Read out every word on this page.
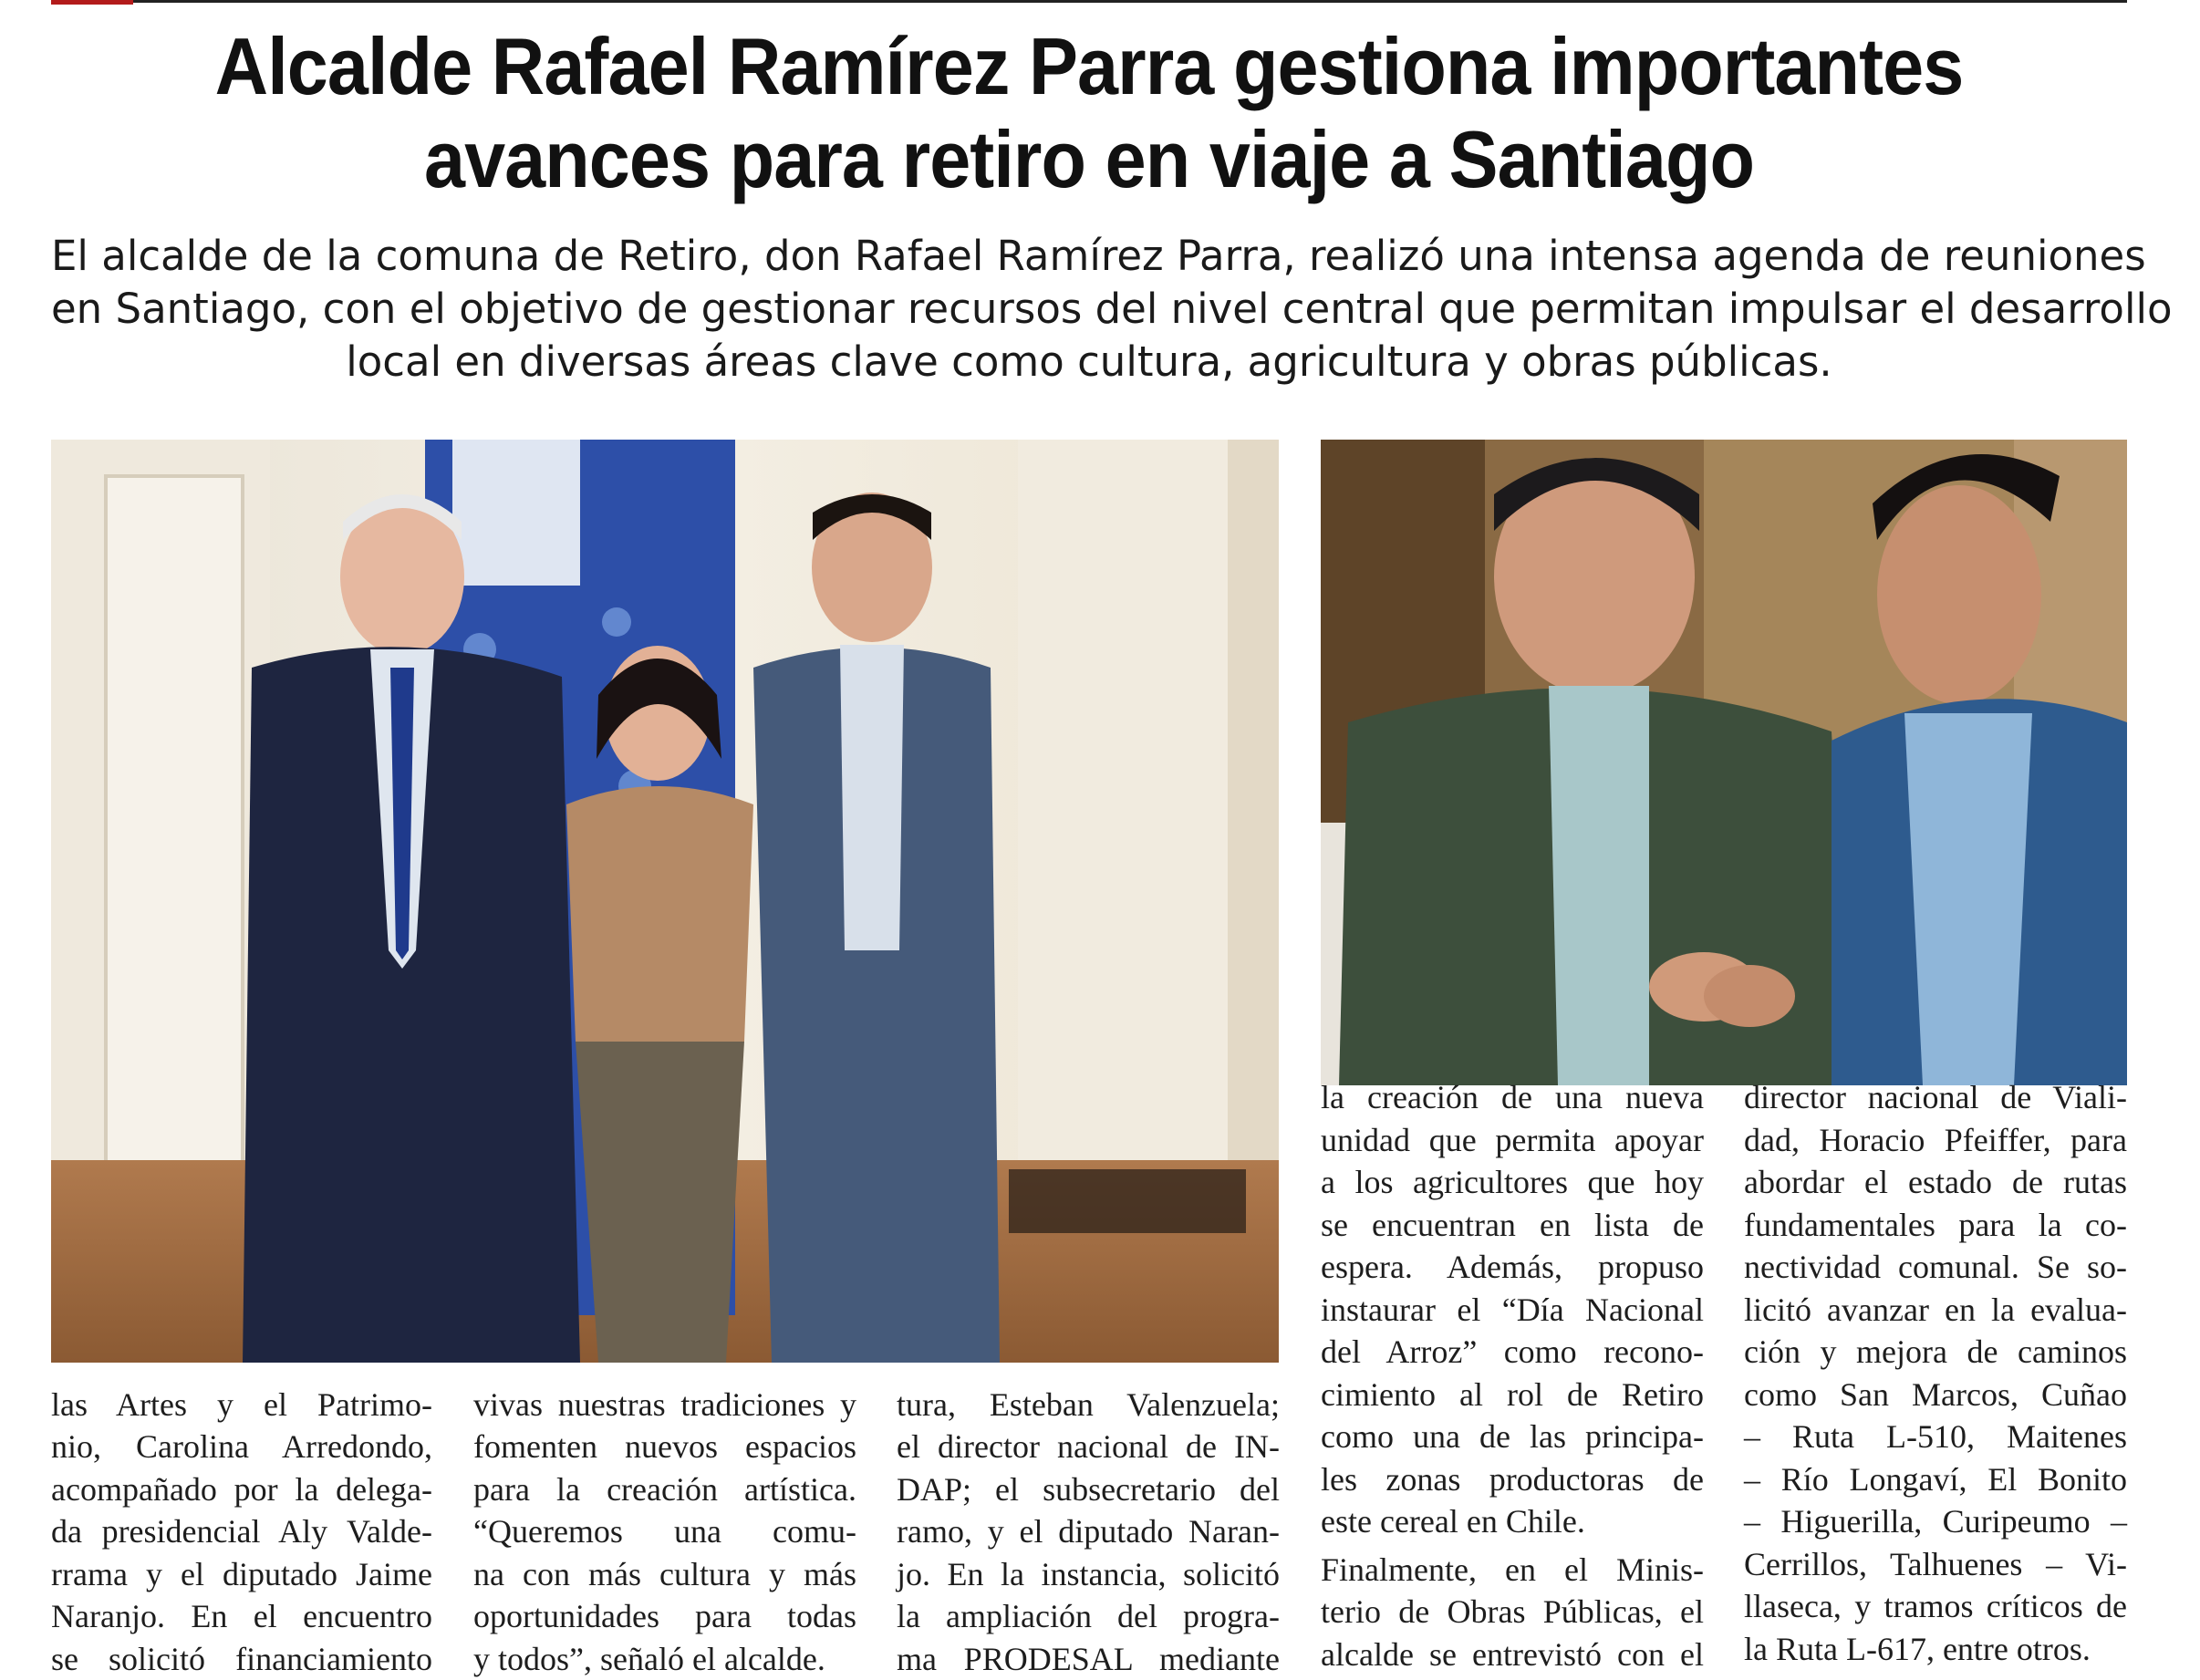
Alcalde Rafael Ramírez Parra gestiona importantes
avances para retiro en viaje a Santiago

El alcalde de la comuna de Retiro, don Rafael Ramírez Parra, realizó una intensa agenda de reuniones
en Santiago, con el objetivo de gestionar recursos del nivel central que permitan impulsar el desarrollo
local en diversas áreas clave como cultura, agricultura y obras públicas.

las Artes y el Patrimo-
nio, Carolina Arredondo,
acompañado por la delega-
da presidencial Aly Valde-
rrama y el diputado Jaime
Naranjo. En el encuentro
se solicitó financiamiento
vivas nuestras tradiciones y
fomenten nuevos espacios
para la creación artística.
“Queremos una comu-
na con más cultura y más
oportunidades para todas
y todos”, señaló el alcalde.
tura, Esteban Valenzuela;
el director nacional de IN-
DAP; el subsecretario del
ramo, y el diputado Naran-
jo. En la instancia, solicitó
la ampliación del progra-
ma PRODESAL mediante
la creación de una nueva
unidad que permita apoyar
a los agricultores que hoy
se encuentran en lista de
espera. Además, propuso
instaurar el “Día Nacional
del Arroz” como recono-
cimiento al rol de Retiro
como una de las principa-
les zonas productoras de
este cereal en Chile.
Finalmente, en el Minis-
terio de Obras Públicas, el
alcalde se entrevistó con el
director nacional de Viali-
dad, Horacio Pfeiffer, para
abordar el estado de rutas
fundamentales para la co-
nectividad comunal. Se so-
licitó avanzar en la evalua-
ción y mejora de caminos
como San Marcos, Cuñao
– Ruta L-510, Maitenes
– Río Longaví, El Bonito
– Higuerilla, Curipeumo –
Cerrillos, Talhuenes – Vi-
llaseca, y tramos críticos de
la Ruta L-617, entre otros.
